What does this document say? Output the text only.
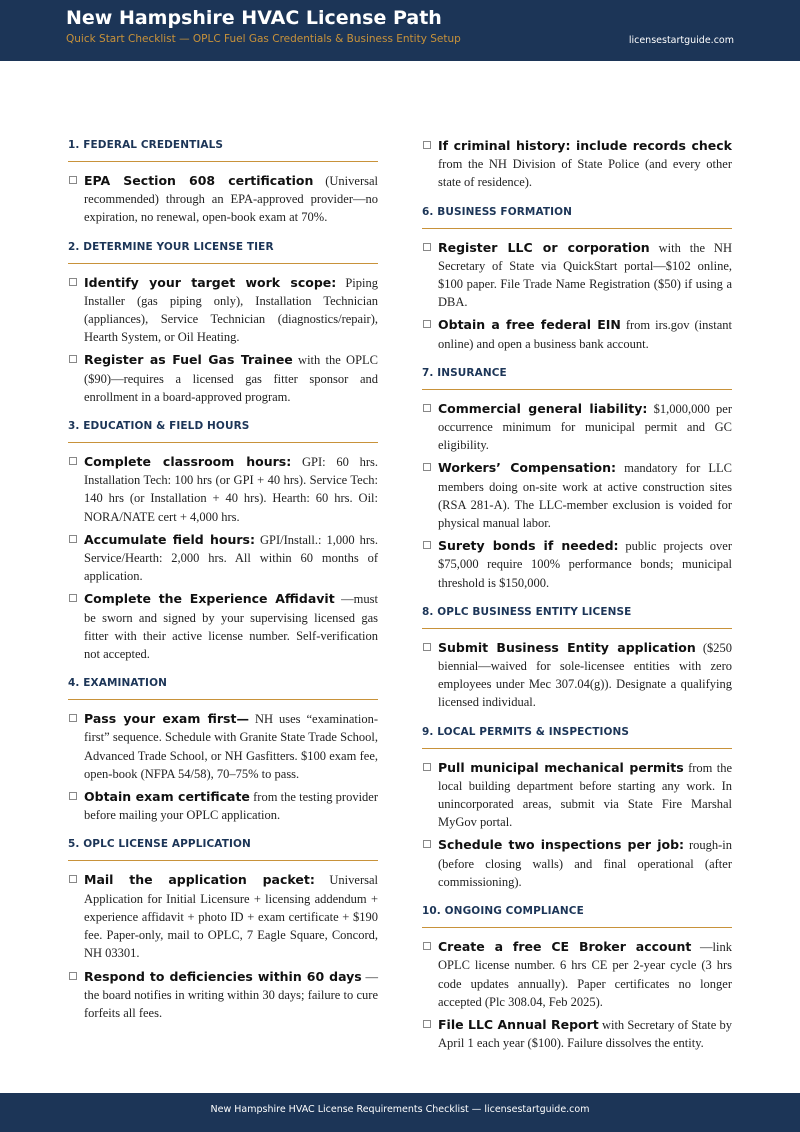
New Hampshire HVAC License Path
Quick Start Checklist — OPLC Fuel Gas Credentials & Business Entity Setup	licensestartguide.com
1. FEDERAL CREDENTIALS
EPA Section 608 certification (Universal recommended) through an EPA-approved provider—no expiration, no renewal, open-book exam at 70%.
2. DETERMINE YOUR LICENSE TIER
Identify your target work scope: Piping Installer (gas piping only), Installation Technician (appliances), Service Technician (diagnostics/repair), Hearth System, or Oil Heating.
Register as Fuel Gas Trainee with the OPLC ($90)—requires a licensed gas fitter sponsor and enrollment in a board-approved program.
3. EDUCATION & FIELD HOURS
Complete classroom hours: GPI: 60 hrs. Installation Tech: 100 hrs (or GPI + 40 hrs). Service Tech: 140 hrs (or Installation + 40 hrs). Hearth: 60 hrs. Oil: NORA/NATE cert + 4,000 hrs.
Accumulate field hours: GPI/Install.: 1,000 hrs. Service/Hearth: 2,000 hrs. All within 60 months of application.
Complete the Experience Affidavit —must be sworn and signed by your supervising licensed gas fitter with their active license number. Self-verification not accepted.
4. EXAMINATION
Pass your exam first— NH uses “examination-first” sequence. Schedule with Granite State Trade School, Advanced Trade School, or NH Gasfitters. $100 exam fee, open-book (NFPA 54/58), 70–75% to pass.
Obtain exam certificate from the testing provider before mailing your OPLC application.
5. OPLC LICENSE APPLICATION
Mail the application packet: Universal Application for Initial Licensure + licensing addendum + experience affidavit + photo ID + exam certificate + $190 fee. Paper-only, mail to OPLC, 7 Eagle Square, Concord, NH 03301.
Respond to deficiencies within 60 days —the board notifies in writing within 30 days; failure to cure forfeits all fees.
If criminal history: include records check from the NH Division of State Police (and every other state of residence).
6. BUSINESS FORMATION
Register LLC or corporation with the NH Secretary of State via QuickStart portal—$102 online, $100 paper. File Trade Name Registration ($50) if using a DBA.
Obtain a free federal EIN from irs.gov (instant online) and open a business bank account.
7. INSURANCE
Commercial general liability: $1,000,000 per occurrence minimum for municipal permit and GC eligibility.
Workers’ Compensation: mandatory for LLC members doing on-site work at active construction sites (RSA 281-A). The LLC-member exclusion is voided for physical manual labor.
Surety bonds if needed: public projects over $75,000 require 100% performance bonds; municipal threshold is $150,000.
8. OPLC BUSINESS ENTITY LICENSE
Submit Business Entity application ($250 biennial—waived for sole-licensee entities with zero employees under Mec 307.04(g)). Designate a qualifying licensed individual.
9. LOCAL PERMITS & INSPECTIONS
Pull municipal mechanical permits from the local building department before starting any work. In unincorporated areas, submit via State Fire Marshal MyGov portal.
Schedule two inspections per job: rough-in (before closing walls) and final operational (after commissioning).
10. ONGOING COMPLIANCE
Create a free CE Broker account —link OPLC license number. 6 hrs CE per 2-year cycle (3 hrs code updates annually). Paper certificates no longer accepted (Plc 308.04, Feb 2025).
File LLC Annual Report with Secretary of State by April 1 each year ($100). Failure dissolves the entity.
New Hampshire HVAC License Requirements Checklist — licensestartguide.com
